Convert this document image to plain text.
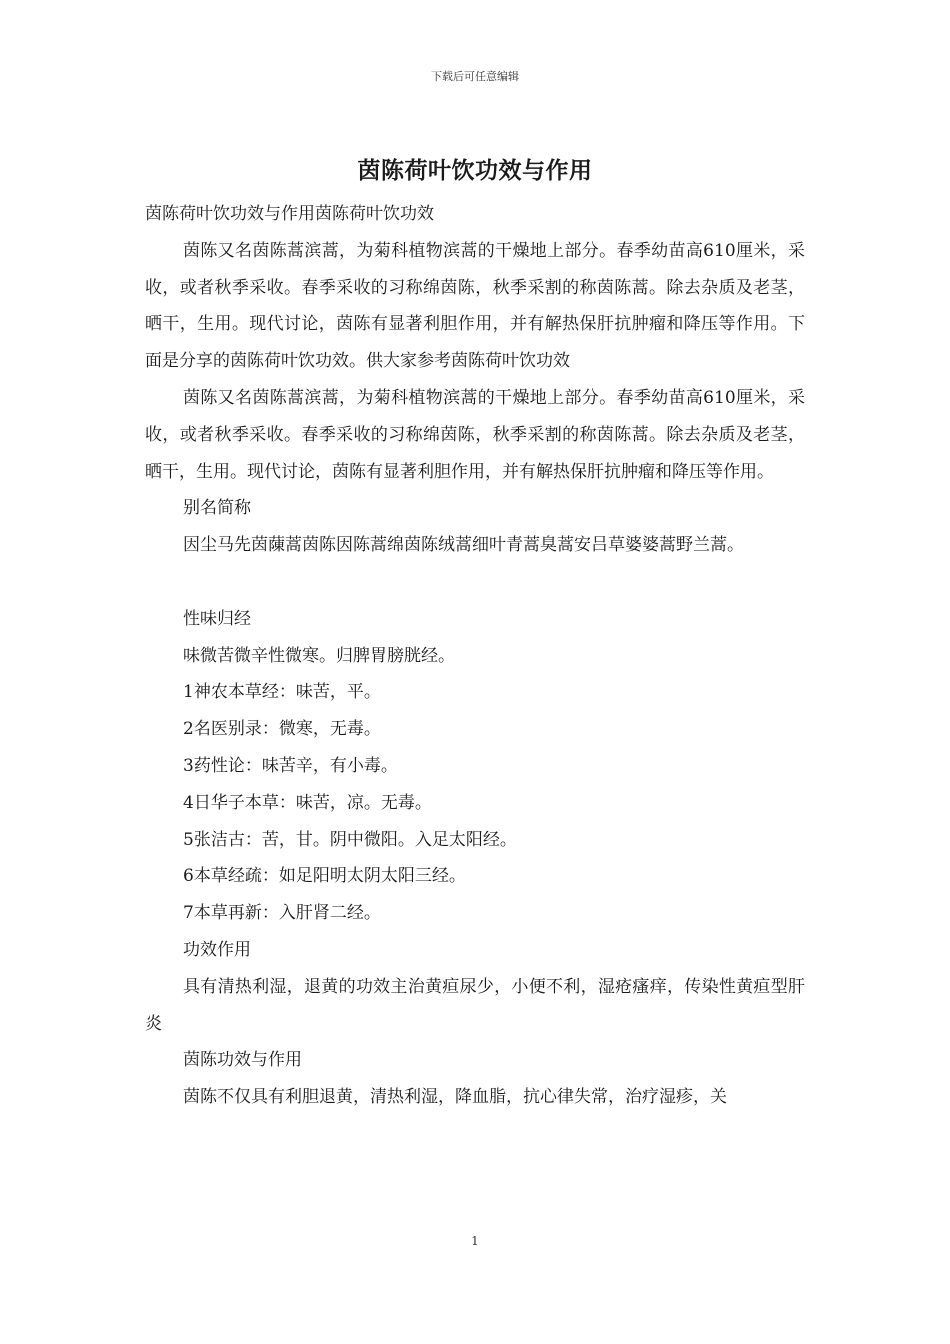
下载后可任意编辑
茵陈荷叶饮功效与作用

茵陈荷叶饮功效与作用茵陈荷叶饮功效

茵陈又名茵陈蒿滨蒿，为菊科植物滨蒿的干燥地上部分。春季幼苗高610厘米，采收，或者秋季采收。春季采收的习称绵茵陈，秋季采割的称茵陈蒿。除去杂质及老茎，晒干，生用。现代讨论，茵陈有显著利胆作用，并有解热保肝抗肿瘤和降压等作用。下面是分享的茵陈荷叶饮功效。供大家参考茵陈荷叶饮功效

茵陈又名茵陈蒿滨蒿，为菊科植物滨蒿的干燥地上部分。春季幼苗高610厘米，采收，或者秋季采收。春季采收的习称绵茵陈，秋季采割的称茵陈蒿。除去杂质及老茎，晒干，生用。现代讨论，茵陈有显著利胆作用，并有解热保肝抗肿瘤和降压等作用。

别名简称

因尘马先茵蔯蒿茵陈因陈蒿绵茵陈绒蒿细叶青蒿臭蒿安吕草婆婆蒿野兰蒿。

性味归经

味微苦微辛性微寒。归脾胃膀胱经。

1神农本草经：味苦，平。

2名医别录：微寒，无毒。

3药性论：味苦辛，有小毒。

4日华子本草：味苦，凉。无毒。

5张洁古：苦，甘。阴中微阳。入足太阳经。

6本草经疏：如足阳明太阴太阳三经。

7本草再新：入肝肾二经。

功效作用

具有清热利湿，退黄的功效主治黄疸尿少，小便不利，湿疮瘙痒，传染性黄疸型肝炎

茵陈功效与作用

茵陈不仅具有利胆退黄，清热利湿，降血脂，抗心律失常，治疗湿疹，关

1
